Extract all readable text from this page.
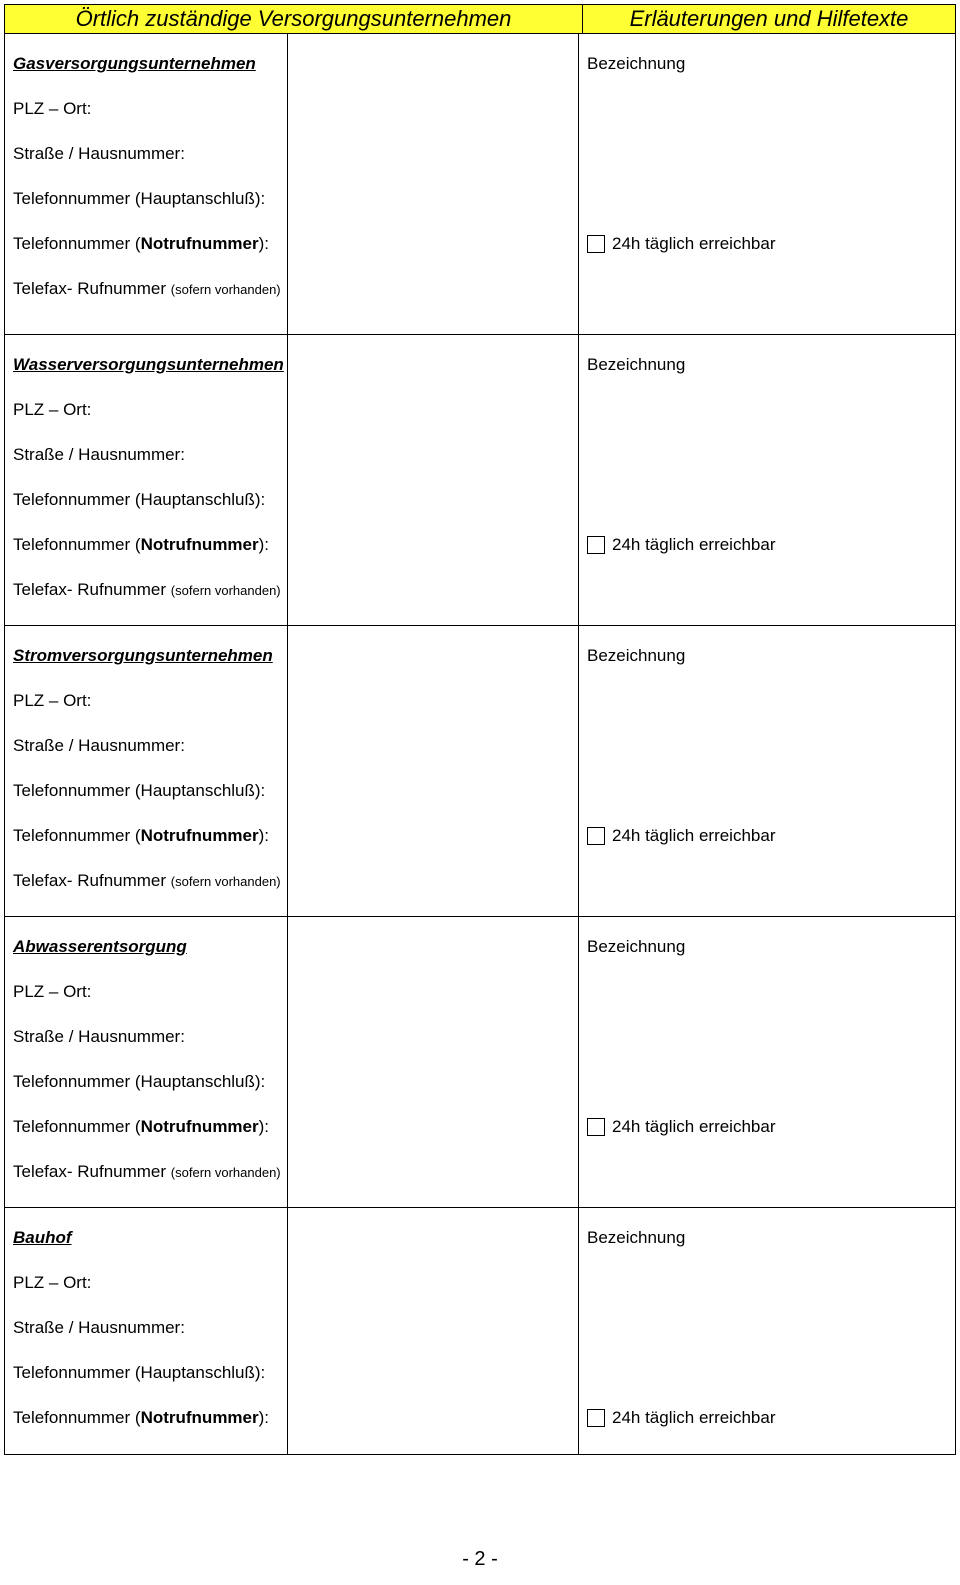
Örtlich zuständige Versorgungsunternehmen	Erläuterungen und Hilfetexte
Gasversorgungsunternehmen
PLZ – Ort:
Straße / Hausnummer:
Telefonnummer (Hauptanschluß):
Telefonnummer (Notrufnummer):
Telefax- Rufnummer (sofern vorhanden)
Bezeichnung
24h täglich erreichbar
Wasserversorgungsunternehmen
PLZ – Ort:
Straße / Hausnummer:
Telefonnummer (Hauptanschluß):
Telefonnummer (Notrufnummer):
Telefax- Rufnummer (sofern vorhanden)
Bezeichnung
24h täglich erreichbar
Stromversorgungsunternehmen
PLZ – Ort:
Straße / Hausnummer:
Telefonnummer (Hauptanschluß):
Telefonnummer (Notrufnummer):
Telefax- Rufnummer (sofern vorhanden)
Bezeichnung
24h täglich erreichbar
Abwasserentsorgung
PLZ – Ort:
Straße / Hausnummer:
Telefonnummer (Hauptanschluß):
Telefonnummer (Notrufnummer):
Telefax- Rufnummer (sofern vorhanden)
Bezeichnung
24h täglich erreichbar
Bauhof
PLZ – Ort:
Straße / Hausnummer:
Telefonnummer (Hauptanschluß):
Telefonnummer (Notrufnummer):
Bezeichnung
24h täglich erreichbar
- 2 -
